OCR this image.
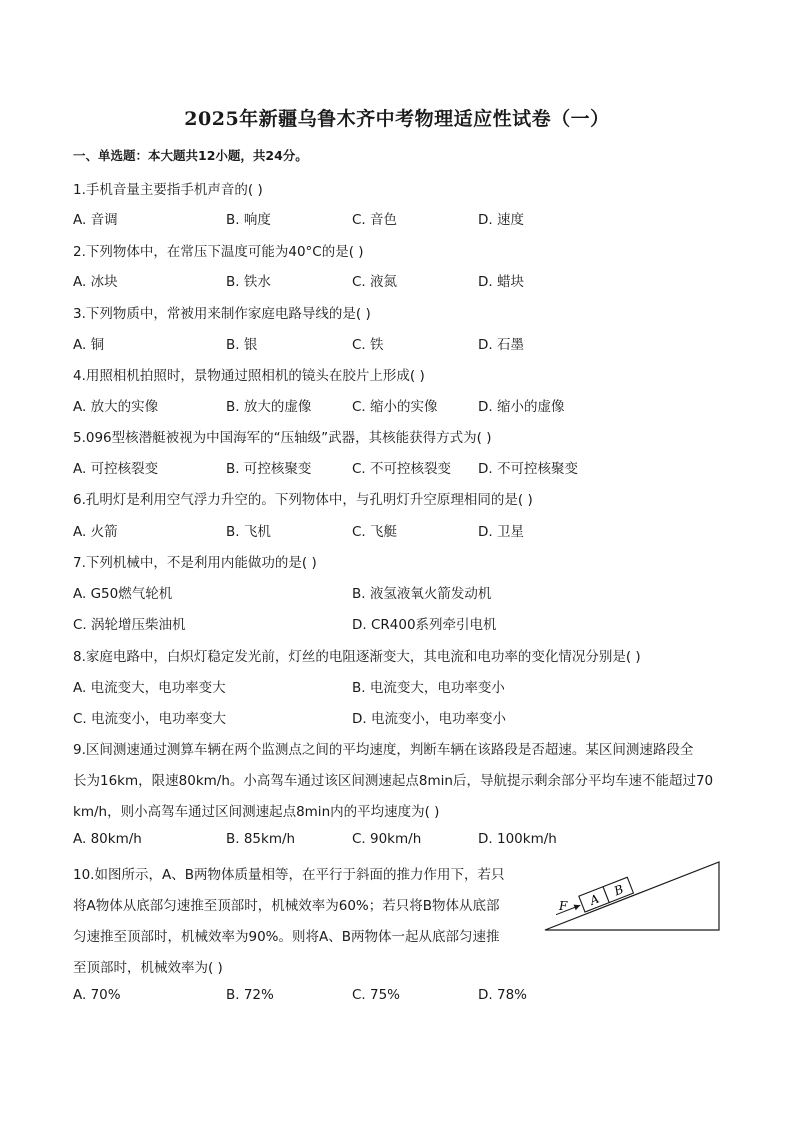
2025年新疆乌鲁木齐中考物理适应性试卷（一）
一、单选题：本大题共12小题，共24分。
1.手机音量主要指手机声音的( )
A. 音调	B. 响度	C. 音色	D. 速度
2.下列物体中，在常压下温度可能为40°C的是( )
A. 冰块	B. 铁水	C. 液氮	D. 蜡块
3.下列物质中，常被用来制作家庭电路导线的是( )
A. 铜	B. 银	C. 铁	D. 石墨
4.用照相机拍照时，景物通过照相机的镜头在胶片上形成( )
A. 放大的实像	B. 放大的虚像	C. 缩小的实像	D. 缩小的虚像
5.096型核潜艇被视为中国海军的“压轴级”武器，其核能获得方式为( )
A. 可控核裂变	B. 可控核聚变	C. 不可控核裂变 D. 不可控核聚变
6.孔明灯是利用空气浮力升空的。下列物体中，与孔明灯升空原理相同的是( )
A. 火箭	B. 飞机	C. 飞艇	D. 卫星
7.下列机械中，不是利用内能做功的是( )
A. G50燃气轮机	B. 液氢液氧火箭发动机
C. 涡轮增压柴油机	D. CR400系列牵引电机
8.家庭电路中，白炽灯稳定发光前，灯丝的电阻逐渐变大，其电流和电功率的变化情况分别是( )
A. 电流变大，电功率变大	B. 电流变大，电功率变小
C. 电流变小，电功率变大	D. 电流变小，电功率变小
9.区间测速通过测算车辆在两个监测点之间的平均速度，判断车辆在该路段是否超速。某区间测速路段全
长为16km，限速80km/h。小高驾车通过该区间测速起点8min后，导航提示剩余部分平均车速不能超过70
km/h，则小高驾车通过区间测速起点8min内的平均速度为( )
A. 80km/h	B. 85km/h	C. 90km/h	D. 100km/h
10.如图所示，A、B两物体质量相等，在平行于斜面的推力作用下，若只
将A物体从底部匀速推至顶部时，机械效率为60%；若只将B物体从底部
匀速推至顶部时，机械效率为90%。则将A、B两物体一起从底部匀速推
至顶部时，机械效率为( )
A. 70%	B. 72%	C. 75%	D. 78%
A
B
F
